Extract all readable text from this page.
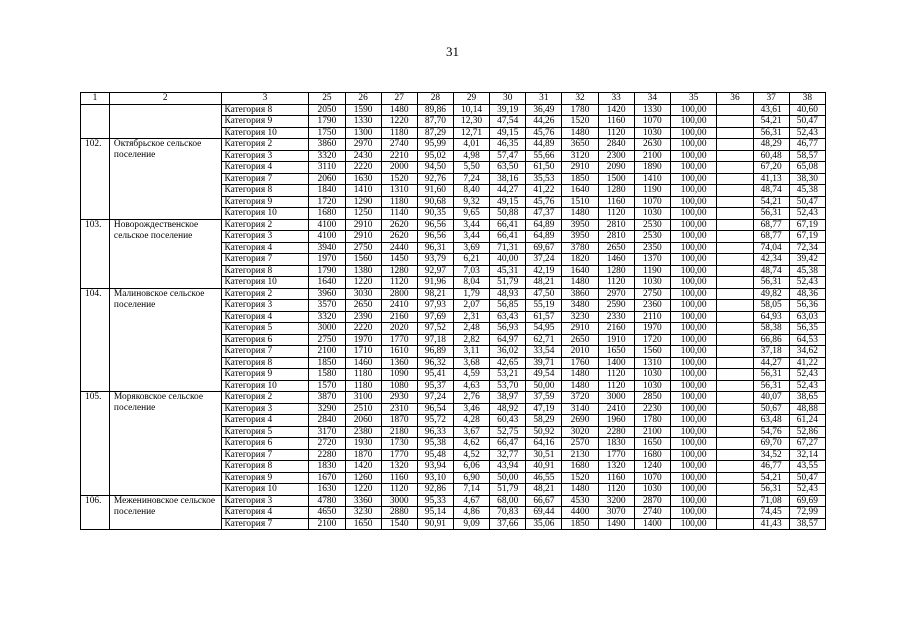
31
1	2	3	25	26	27	28	29	30	31	32	33	34	35	36	37	38
		Категория 8	2050	1590	1480	89,86	10,14	39,19	36,49	1780	1420	1330	100,00		43,61	40,60
		Категория 9	1790	1330	1220	87,70	12,30	47,54	44,26	1520	1160	1070	100,00		54,21	50,47
		Категория 10	1750	1300	1180	87,29	12,71	49,15	45,76	1480	1120	1030	100,00		56,31	52,43
102.	Октябрьское сельское поселение	Категория 2	3860	2970	2740	95,99	4,01	46,35	44,89	3650	2840	2630	100,00		48,29	46,77
		Категория 3	3320	2430	2210	95,02	4,98	57,47	55,66	3120	2300	2100	100,00		60,48	58,57
		Категория 4	3110	2220	2000	94,50	5,50	63,50	61,50	2910	2090	1890	100,00		67,20	65,08
		Категория 7	2060	1630	1520	92,76	7,24	38,16	35,53	1850	1500	1410	100,00		41,13	38,30
		Категория 8	1840	1410	1310	91,60	8,40	44,27	41,22	1640	1280	1190	100,00		48,74	45,38
		Категория 9	1720	1290	1180	90,68	9,32	49,15	45,76	1510	1160	1070	100,00		54,21	50,47
		Категория 10	1680	1250	1140	90,35	9,65	50,88	47,37	1480	1120	1030	100,00		56,31	52,43
103.	Новорождественское сельское поселение	Категория 2	4100	2910	2620	96,56	3,44	66,41	64,89	3950	2810	2530	100,00		68,77	67,19
		Категория 3	4100	2910	2620	96,56	3,44	66,41	64,89	3950	2810	2530	100,00		68,77	67,19
		Категория 4	3940	2750	2440	96,31	3,69	71,31	69,67	3780	2650	2350	100,00		74,04	72,34
		Категория 7	1970	1560	1450	93,79	6,21	40,00	37,24	1820	1460	1370	100,00		42,34	39,42
		Категория 8	1790	1380	1280	92,97	7,03	45,31	42,19	1640	1280	1190	100,00		48,74	45,38
		Категория 10	1640	1220	1120	91,96	8,04	51,79	48,21	1480	1120	1030	100,00		56,31	52,43
104.	Малиновское сельское поселение	Категория 2	3960	3030	2800	98,21	1,79	48,93	47,50	3860	2970	2750	100,00		49,82	48,36
		Категория 3	3570	2650	2410	97,93	2,07	56,85	55,19	3480	2590	2360	100,00		58,05	56,36
		Категория 4	3320	2390	2160	97,69	2,31	63,43	61,57	3230	2330	2110	100,00		64,93	63,03
		Категория 5	3000	2220	2020	97,52	2,48	56,93	54,95	2910	2160	1970	100,00		58,38	56,35
		Категория 6	2750	1970	1770	97,18	2,82	64,97	62,71	2650	1910	1720	100,00		66,86	64,53
		Категория 7	2100	1710	1610	96,89	3,11	36,02	33,54	2010	1650	1560	100,00		37,18	34,62
		Категория 8	1850	1460	1360	96,32	3,68	42,65	39,71	1760	1400	1310	100,00		44,27	41,22
		Категория 9	1580	1180	1090	95,41	4,59	53,21	49,54	1480	1120	1030	100,00		56,31	52,43
		Категория 10	1570	1180	1080	95,37	4,63	53,70	50,00	1480	1120	1030	100,00		56,31	52,43
105.	Моряковское сельское поселение	Категория 2	3870	3100	2930	97,24	2,76	38,97	37,59	3720	3000	2850	100,00		40,07	38,65
		Категория 3	3290	2510	2310	96,54	3,46	48,92	47,19	3140	2410	2230	100,00		50,67	48,88
		Категория 4	2840	2060	1870	95,72	4,28	60,43	58,29	2690	1960	1780	100,00		63,48	61,24
		Категория 5	3170	2380	2180	96,33	3,67	52,75	50,92	3020	2280	2100	100,00		54,76	52,86
		Категория 6	2720	1930	1730	95,38	4,62	66,47	64,16	2570	1830	1650	100,00		69,70	67,27
		Категория 7	2280	1870	1770	95,48	4,52	32,77	30,51	2130	1770	1680	100,00		34,52	32,14
		Категория 8	1830	1420	1320	93,94	6,06	43,94	40,91	1680	1320	1240	100,00		46,77	43,55
		Категория 9	1670	1260	1160	93,10	6,90	50,00	46,55	1520	1160	1070	100,00		54,21	50,47
		Категория 10	1630	1220	1120	92,86	7,14	51,79	48,21	1480	1120	1030	100,00		56,31	52,43
106.	Межениновское сельское поселение	Категория 3	4780	3360	3000	95,33	4,67	68,00	66,67	4530	3200	2870	100,00		71,08	69,69
		Категория 4	4650	3230	2880	95,14	4,86	70,83	69,44	4400	3070	2740	100,00		74,45	72,99
		Категория 7	2100	1650	1540	90,91	9,09	37,66	35,06	1850	1490	1400	100,00		41,43	38,57
